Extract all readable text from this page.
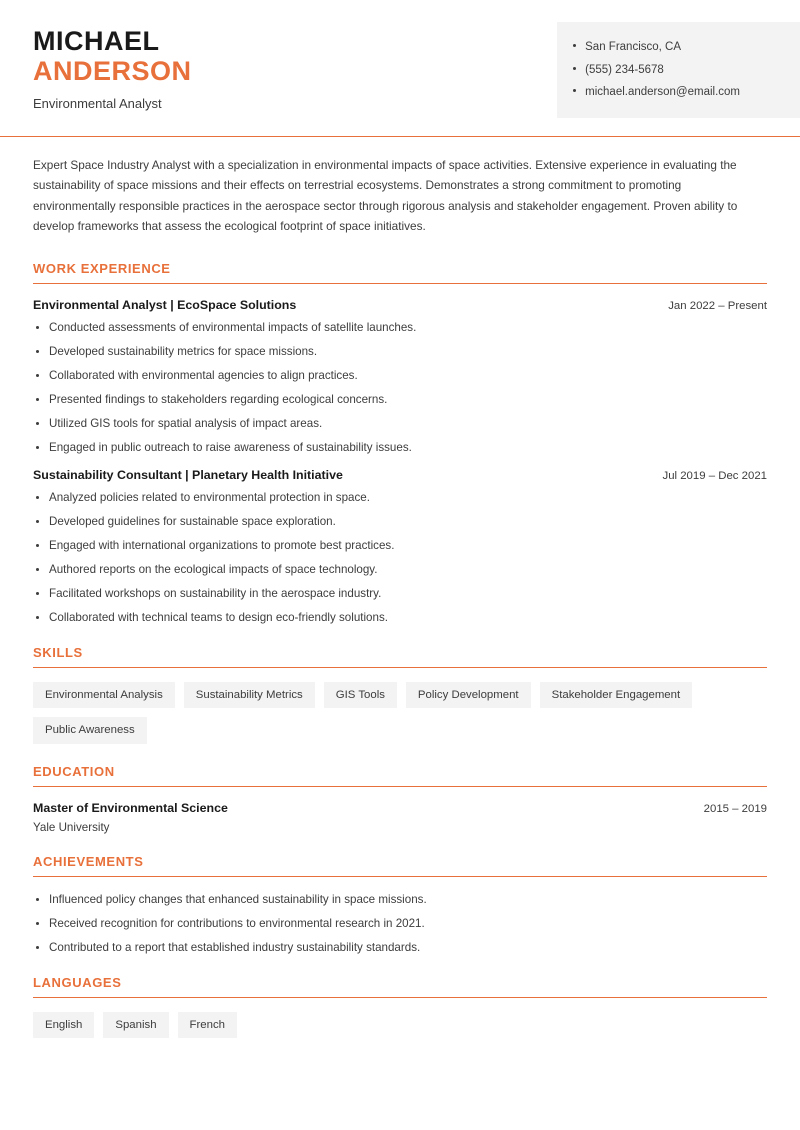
MICHAEL
ANDERSON
Environmental Analyst
San Francisco, CA
(555) 234-5678
michael.anderson@email.com
Expert Space Industry Analyst with a specialization in environmental impacts of space activities. Extensive experience in evaluating the sustainability of space missions and their effects on terrestrial ecosystems. Demonstrates a strong commitment to promoting environmentally responsible practices in the aerospace sector through rigorous analysis and stakeholder engagement. Proven ability to develop frameworks that assess the ecological footprint of space initiatives.
WORK EXPERIENCE
Environmental Analyst | EcoSpace Solutions	Jan 2022 – Present
Conducted assessments of environmental impacts of satellite launches.
Developed sustainability metrics for space missions.
Collaborated with environmental agencies to align practices.
Presented findings to stakeholders regarding ecological concerns.
Utilized GIS tools for spatial analysis of impact areas.
Engaged in public outreach to raise awareness of sustainability issues.
Sustainability Consultant | Planetary Health Initiative	Jul 2019 – Dec 2021
Analyzed policies related to environmental protection in space.
Developed guidelines for sustainable space exploration.
Engaged with international organizations to promote best practices.
Authored reports on the ecological impacts of space technology.
Facilitated workshops on sustainability in the aerospace industry.
Collaborated with technical teams to design eco-friendly solutions.
SKILLS
Environmental Analysis	Sustainability Metrics	GIS Tools	Policy Development	Stakeholder Engagement
Public Awareness
EDUCATION
Master of Environmental Science	2015 – 2019
Yale University
ACHIEVEMENTS
Influenced policy changes that enhanced sustainability in space missions.
Received recognition for contributions to environmental research in 2021.
Contributed to a report that established industry sustainability standards.
LANGUAGES
English	Spanish	French
